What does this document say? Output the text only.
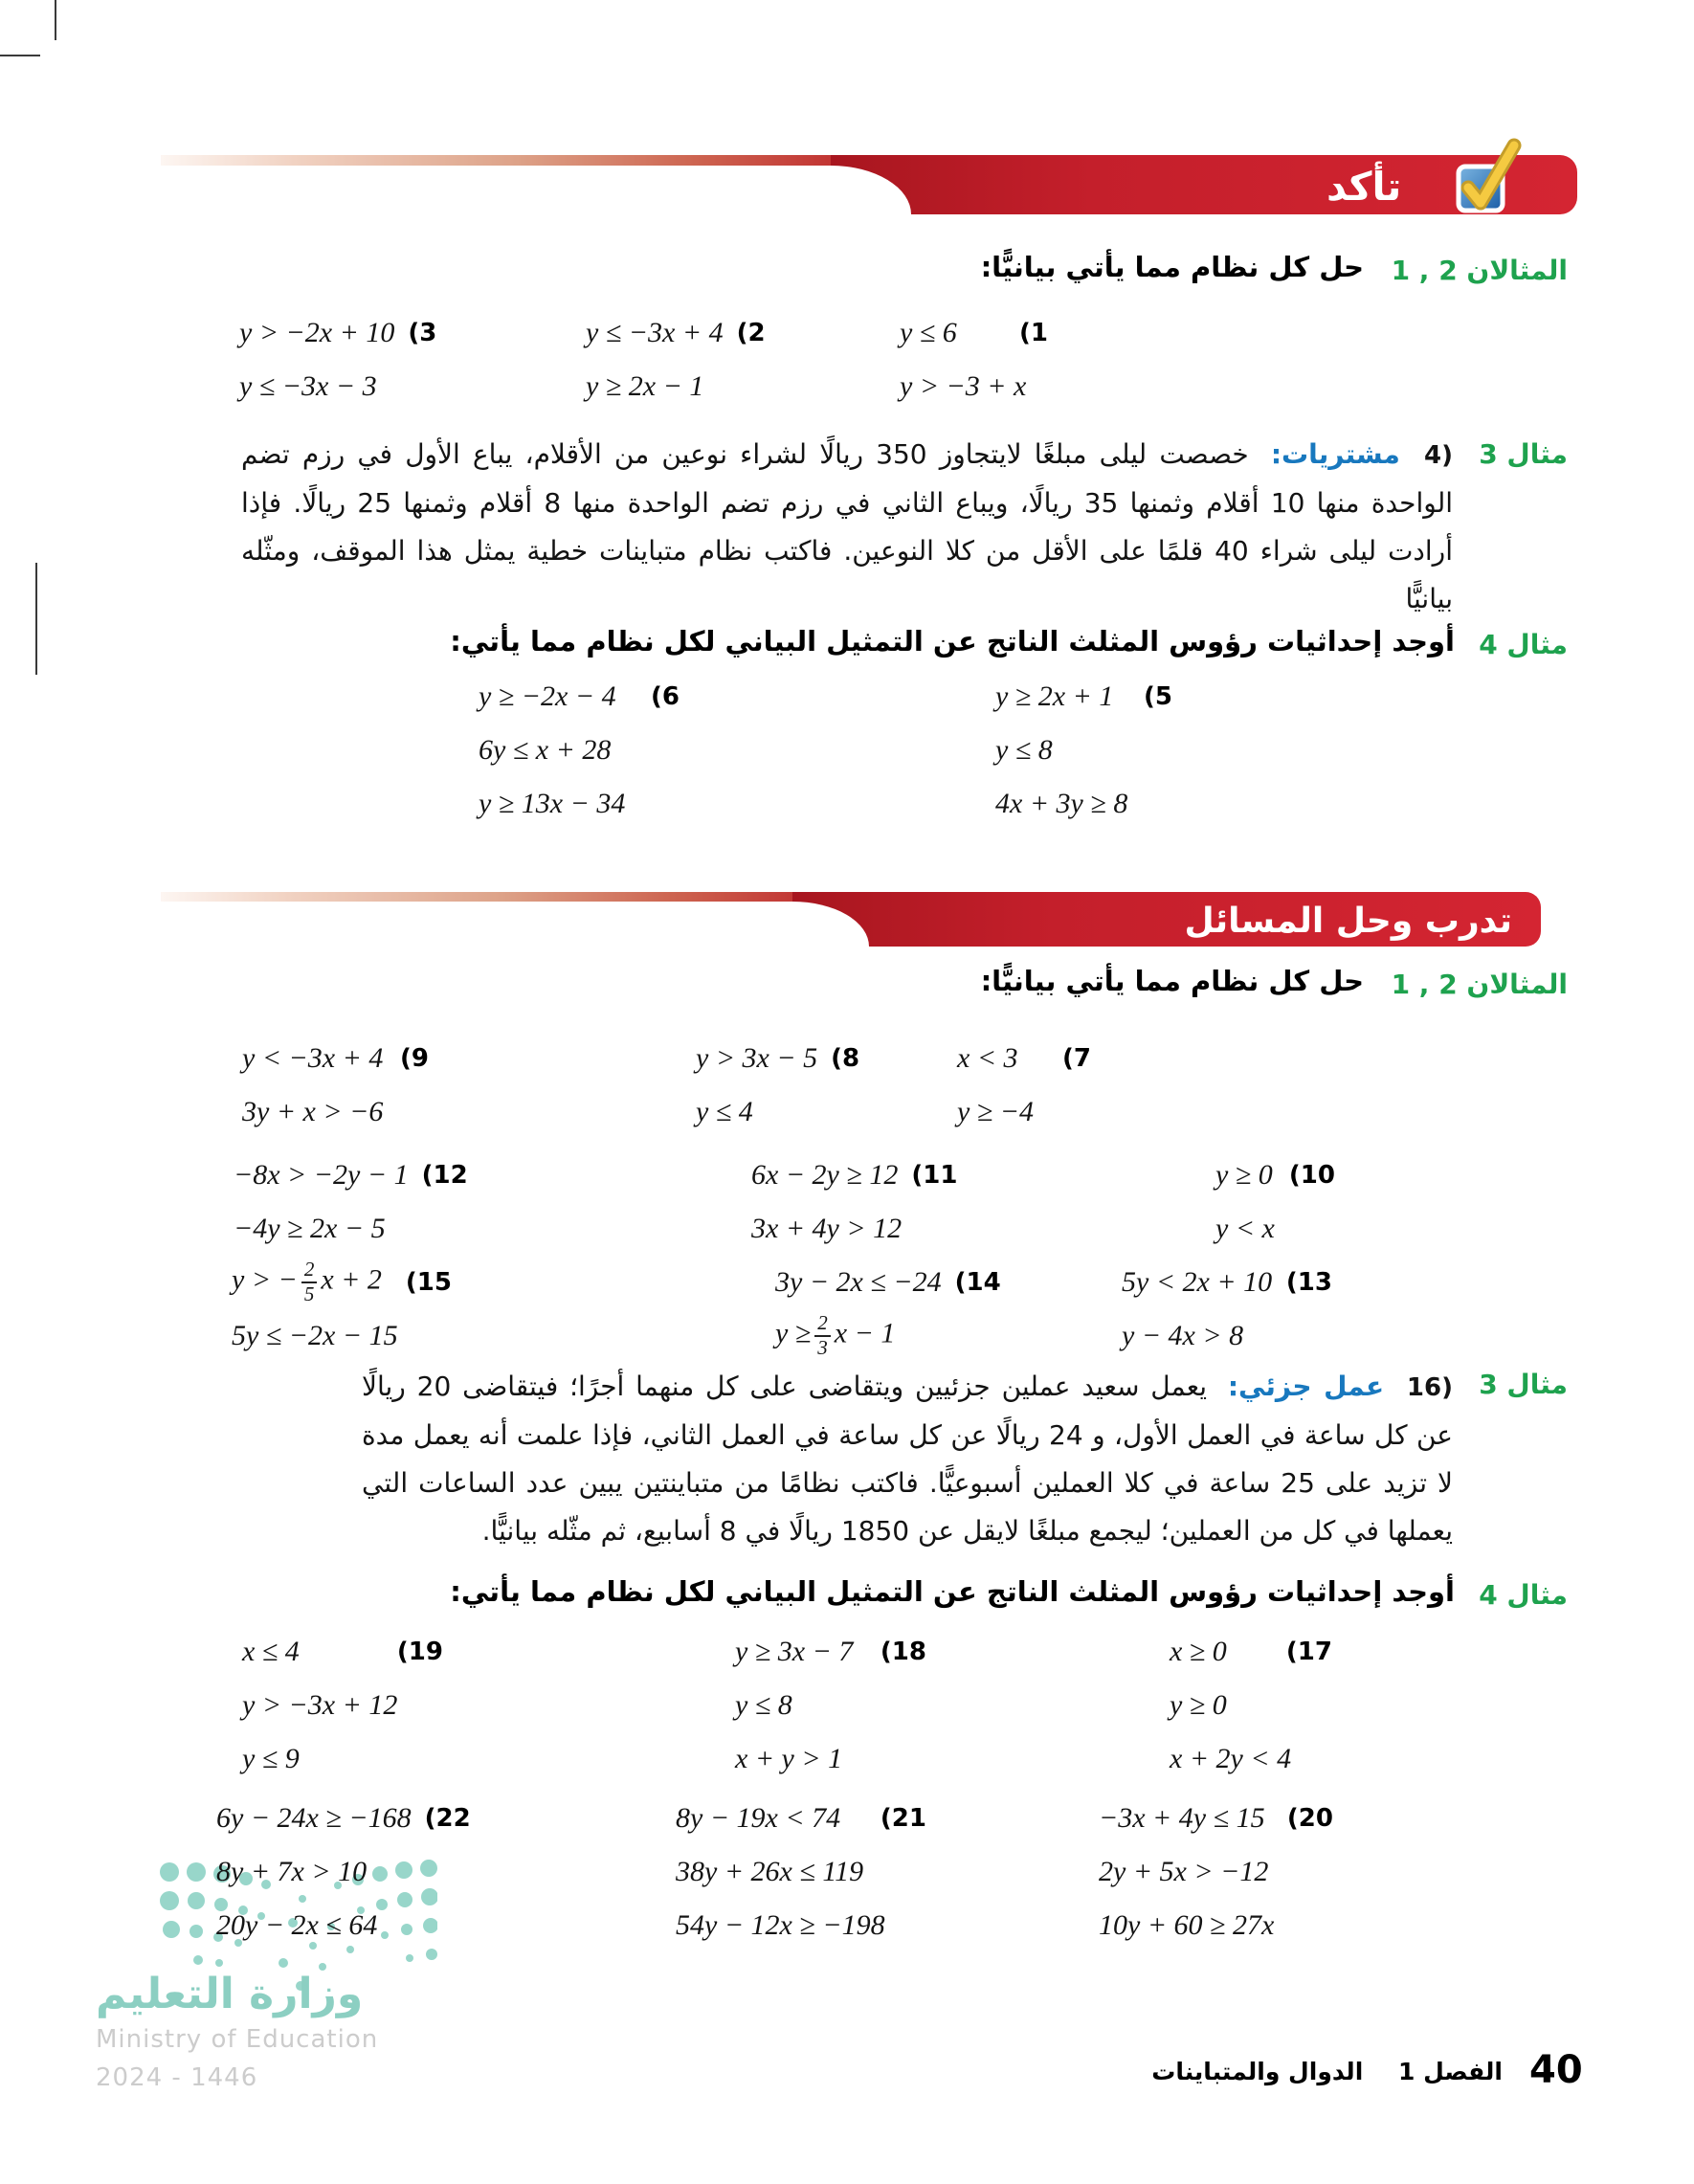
تأكد
المثالان 2 , 1
حل كل نظام مما يأتي بيانيًّا:
y ≤ 6	(1
y > −3 + x
y ≤ −3x + 4 (2
y ≥ 2x − 1
y > −2x + 10 (3
y ≤ −3x − 3
مثال 3
4) مشتريات: خصصت ليلى مبلغًا لايتجاوز 350 ريالًا لشراء نوعين من الأقلام، يباع الأول في رزم تضم الواحدة منها 10 أقلام وثمنها 35 ريالًا، ويباع الثاني في رزم تضم الواحدة منها 8 أقلام وثمنها 25 ريالًا. فإذا أرادت ليلى شراء 40 قلمًا على الأقل من كلا النوعين. فاكتب نظام متباينات خطية يمثل هذا الموقف، ومثّله بيانيًّا
مثال 4
أوجد إحداثيات رؤوس المثلث الناتج عن التمثيل البياني لكل نظام مما يأتي:
y ≥ 2x + 1 (5
y ≤ 8
4x + 3y ≥ 8
y ≥ −2x − 4 (6
6y ≤ x + 28
y ≥ 13x − 34
تدرب وحل المسائل
المثالان 2 , 1
حل كل نظام مما يأتي بيانيًّا:
x < 3 (7
y ≥ −4
y > 3x − 5 (8
y ≤ 4
y < −3x + 4 (9
3y + x > −6
y ≥ 0 (10
y < x
6x − 2y ≥ 12 (11
3x + 4y > 12
−8x > −2y − 1 (12
−4y ≥ 2x − 5
5y < 2x + 10 (13
y − 4x > 8
3y − 2x ≤ −24 (14
$y \ge \frac{2}{3}$ x − 1
y > − $\frac{2}{5}$ x + 2 (15
5y ≤ −2x − 15
مثال 3
16) عمل جزئي: يعمل سعيد عملين جزئيين ويتقاضى على كل منهما أجرًا؛ فيتقاضى 20 ريالًا عن كل ساعة في العمل الأول، و 24 ريالًا عن كل ساعة في العمل الثاني، فإذا علمت أنه يعمل مدة لا تزيد على 25 ساعة في كلا العملين أسبوعيًّا. فاكتب نظامًا من متباينتين يبين عدد الساعات التي يعملها في كل من العملين؛ ليجمع مبلغًا لايقل عن 1850 ريالًا في 8 أسابيع، ثم مثّله بيانيًّا.
مثال 4
أوجد إحداثيات رؤوس المثلث الناتج عن التمثيل البياني لكل نظام مما يأتي:
x ≥ 0 (17
y ≥ 0
x + 2y < 4
y ≥ 3x − 7 (18
y ≤ 8
x + y > 1
x ≤ 4	(19
y > −3x + 12
y ≤ 9
−3x + 4y ≤ 15 (20
2y + 5x > −12
10y + 60 ≥ 27x
8y − 19x < 74 (21
38y + 26x ≤ 119
54y − 12x ≥ −198
6y − 24x ≥ −168 (22
8y + 7x > 10
20y − 2x ≤ 64
وزارة التعليم
Ministry of Education
2024 - 1446	40
الفصل 1 الدوال والمتباينات
